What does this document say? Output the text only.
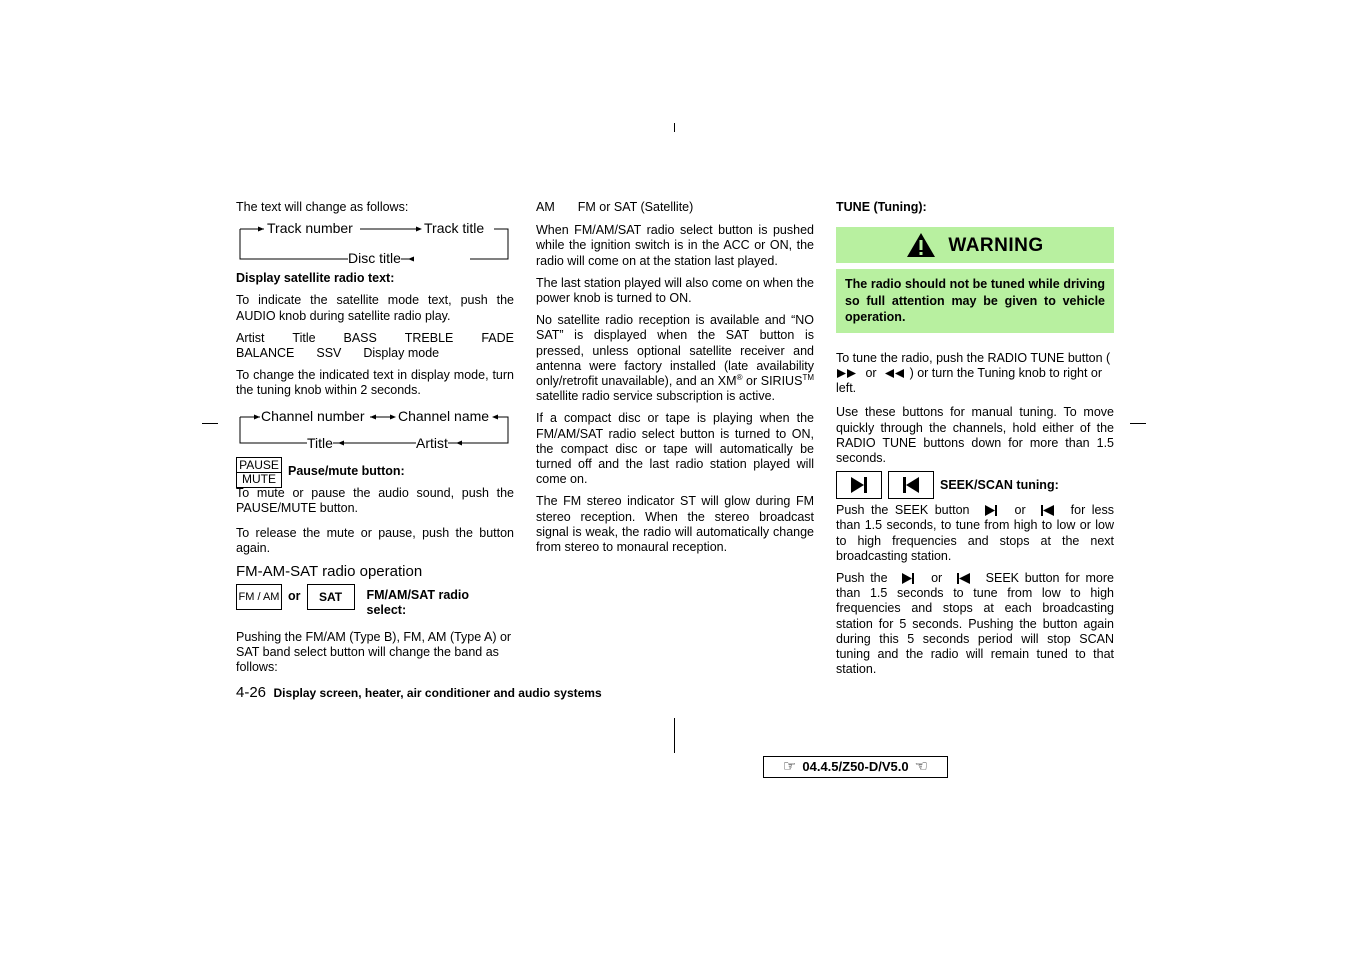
The text will change as follows:

Track number	Track title
Disc title

Display satellite radio text:

To indicate the satellite mode text, push the AUDIO knob during satellite radio play.

Artist Title BASS TREBLE FADE
BALANCE SSV Display mode

To change the indicated text in display mode, turn the tuning knob within 2 seconds.

Channel number Channel name
Title	Artist
PAUSE
MUTE
Pause/mute button:

To mute or pause the audio sound, push the PAUSE/MUTE button.

To release the mute or pause, push the button again.

FM-AM-SAT radio operation
FM / AM or	SAT	FM/AM/SAT radio
select:

Pushing the FM/AM (Type B), FM, AM (Type A) or SAT band select button will change the band as follows:

AM FM or SAT (Satellite)

When FM/AM/SAT radio select button is pushed while the ignition switch is in the ACC or ON, the radio will come on at the station last played.

The last station played will also come on when the power knob is turned to ON.

No satellite radio reception is available and “NO SAT” is displayed when the SAT button is pressed, unless optional satellite receiver and antenna were factory installed (late availability only/retrofit unavailable), and an XM® or SIRIUS™ satellite radio service subscription is active.

If a compact disc or tape is playing when the FM/AM/SAT radio select button is turned to ON, the compact disc or tape will automatically be turned off and the last radio station played will come on.

The FM stereo indicator ST will glow during FM stereo reception. When the stereo broadcast signal is weak, the radio will automatically change from stereo to monaural reception.

TUNE (Tuning):

WARNING
The radio should not be tuned while driving so full attention may be given to vehicle operation.

To tune the radio, push the RADIO TUNE button (  or	) or turn the Tuning knob to right or left.

Use these buttons for manual tuning. To move quickly through the channels, hold either of the RADIO TUNE buttons down for more than 1.5 seconds.

SEEK/SCAN tuning:

Push the SEEK button	or	for less than 1.5 seconds, to tune from high to low or low to high frequencies and stops at the next broadcasting station.

Push the	or	SEEK button for more than 1.5 seconds to tune from low to high frequencies and stops at each broadcasting station for 5 seconds. Pushing the button again during this 5 seconds period will stop SCAN tuning and the radio will remain tuned to that station.

4-26 Display screen, heater, air conditioner and audio systems
☞ 04.4.5/Z50-D/V5.0 ☜
